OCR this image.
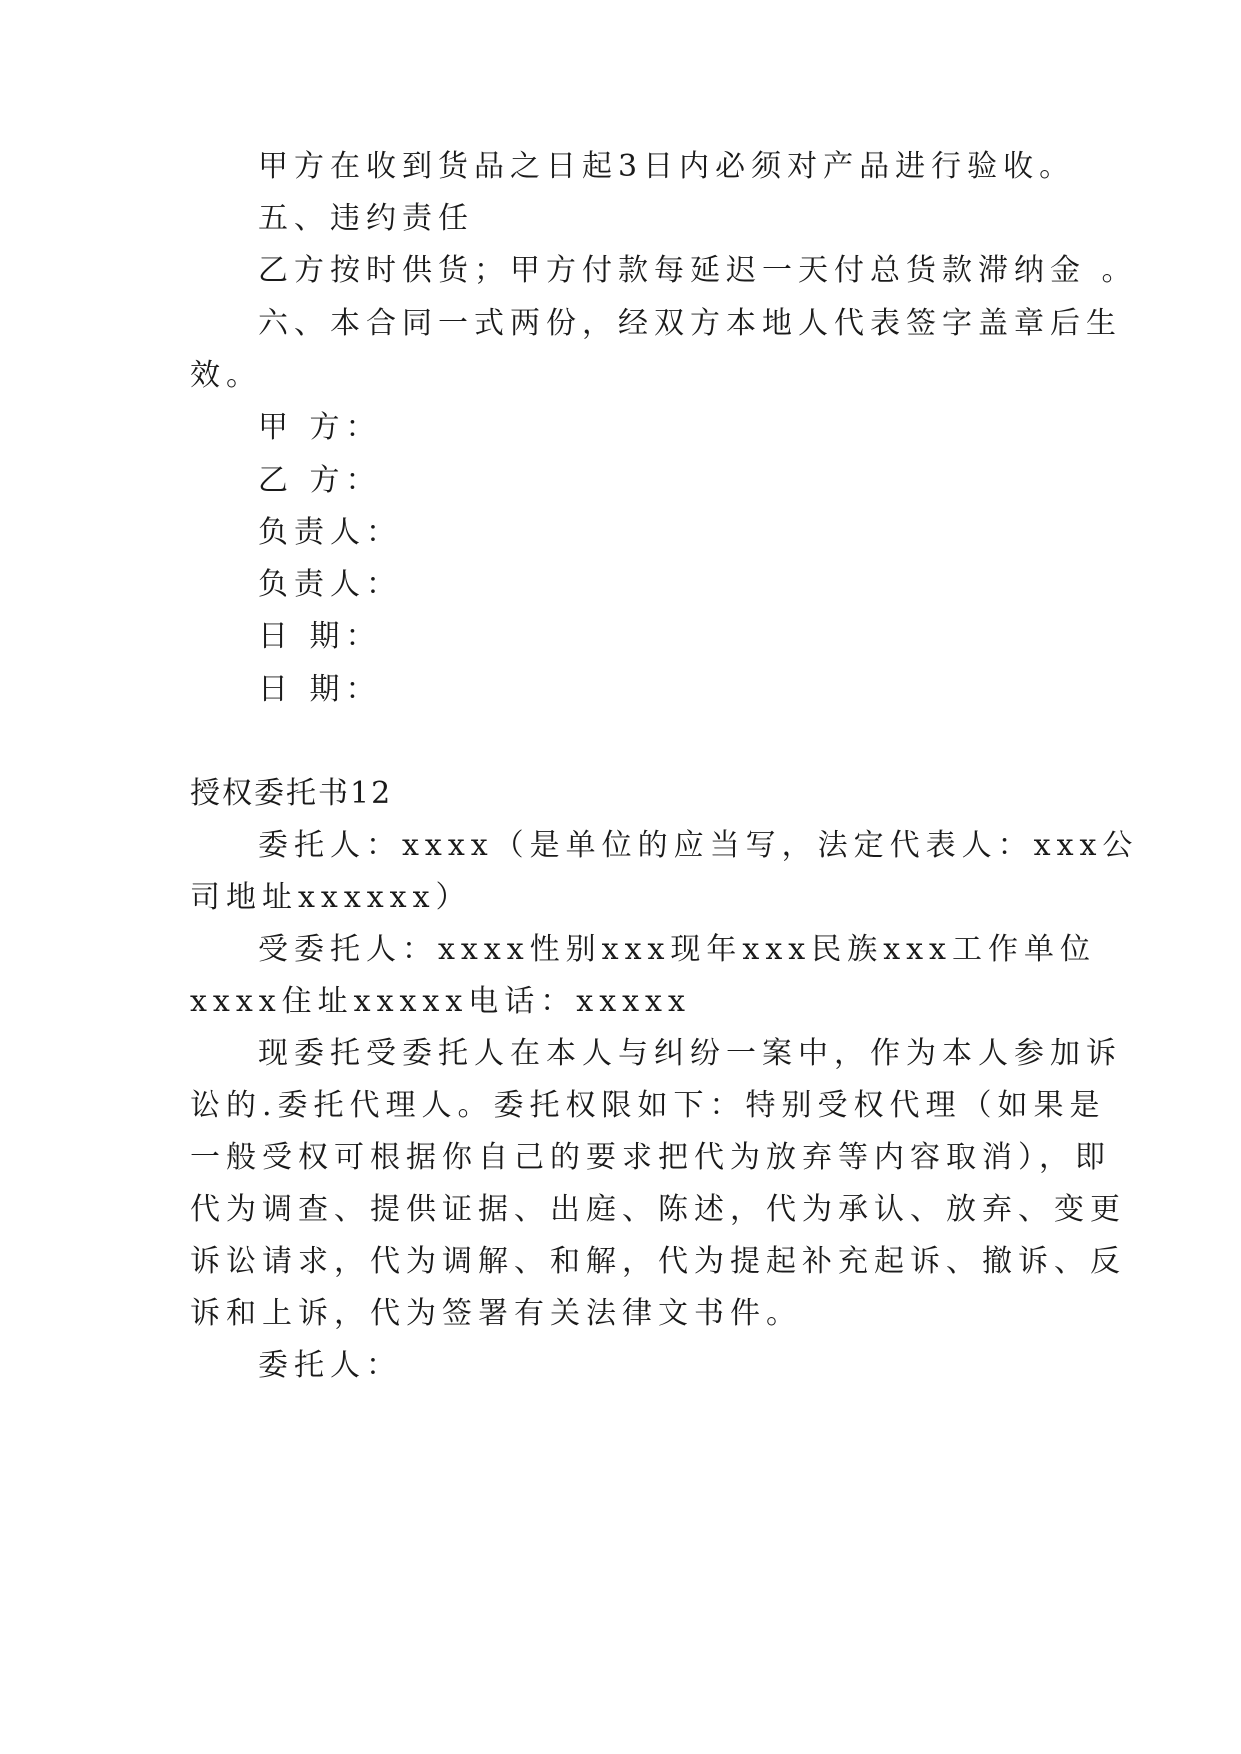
甲方在收到货品之日起3日内必须对产品进行验收。
五、违约责任
乙方按时供货；甲方付款每延迟一天付总货款滞纳金 。
六、本合同一式两份，经双方本地人代表签字盖章后生
效。
甲 方：
乙 方：
负责人：
负责人：
日 期：
日 期：
授权委托书12
委托人：xxxx（是单位的应当写，法定代表人：xxx公
司地址xxxxxx）
受委托人：xxxx性别xxx现年xxx民族xxx工作单位
xxxx住址xxxxx电话：xxxxx
现委托受委托人在本人与纠纷一案中，作为本人参加诉
讼的.委托代理人。委托权限如下：特别受权代理（如果是
一般受权可根据你自己的要求把代为放弃等内容取消），即
代为调查、提供证据、出庭、陈述，代为承认、放弃、变更
诉讼请求，代为调解、和解，代为提起补充起诉、撤诉、反
诉和上诉，代为签署有关法律文书件。
委托人：
